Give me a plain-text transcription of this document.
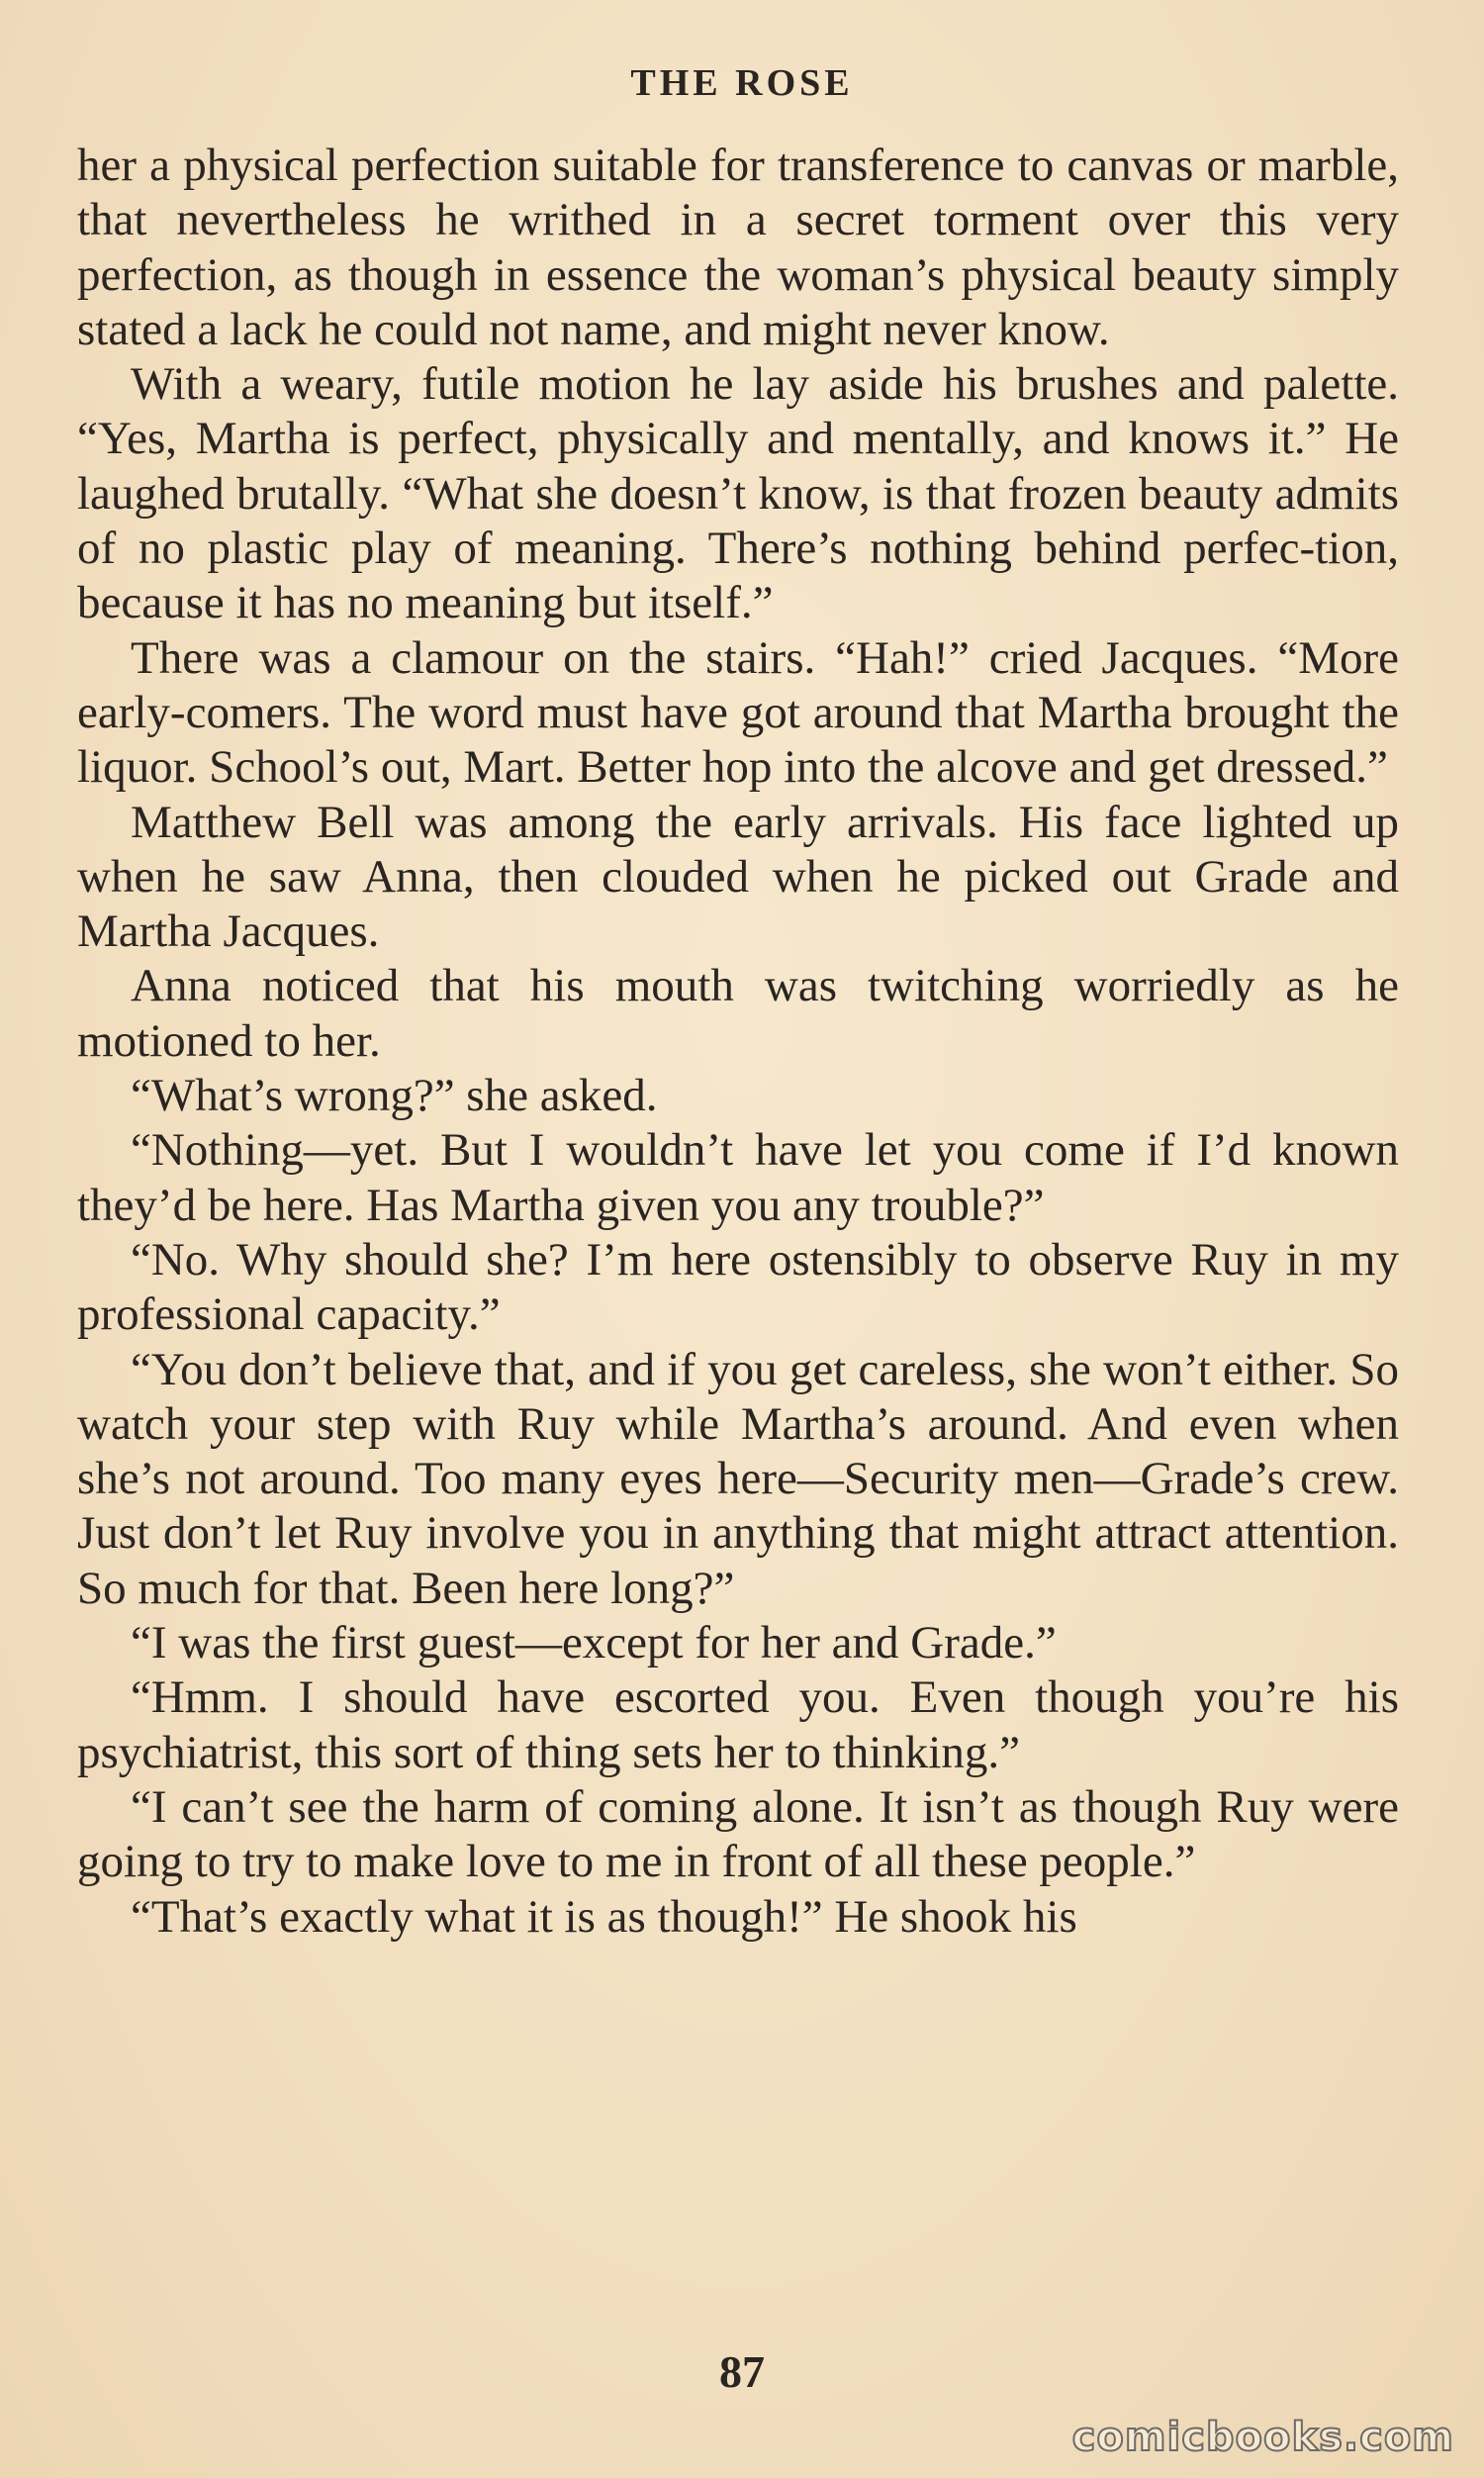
THE ROSE

her a physical perfection suitable for transference to canvas or marble, that nevertheless he writhed in a secret torment over this very perfection, as though in essence the woman’s physical beauty simply stated a lack he could not name, and might never know.

With a weary, futile motion he lay aside his brushes and palette. “Yes, Martha is perfect, physically and mentally, and knows it.” He laughed brutally. “What she doesn’t know, is that frozen beauty admits of no plastic play of meaning. There’s nothing behind perfec-tion, because it has no meaning but itself.”

There was a clamour on the stairs. “Hah!” cried Jacques. “More early-comers. The word must have got around that Martha brought the liquor. School’s out, Mart. Better hop into the alcove and get dressed.”

Matthew Bell was among the early arrivals. His face lighted up when he saw Anna, then clouded when he picked out Grade and Martha Jacques.

Anna noticed that his mouth was twitching worriedly as he motioned to her.

“What’s wrong?” she asked.

“Nothing—yet. But I wouldn’t have let you come if I’d known they’d be here. Has Martha given you any trouble?”

“No. Why should she? I’m here ostensibly to observe Ruy in my professional capacity.”

“You don’t believe that, and if you get careless, she won’t either. So watch your step with Ruy while Martha’s around. And even when she’s not around. Too many eyes here—Security men—Grade’s crew. Just don’t let Ruy involve you in anything that might attract attention. So much for that. Been here long?”

“I was the first guest—except for her and Grade.”

“Hmm. I should have escorted you. Even though you’re his psychiatrist, this sort of thing sets her to thinking.”

“I can’t see the harm of coming alone. It isn’t as though Ruy were going to try to make love to me in front of all these people.”

“That’s exactly what it is as though!” He shook his

87
comicbooks.com
